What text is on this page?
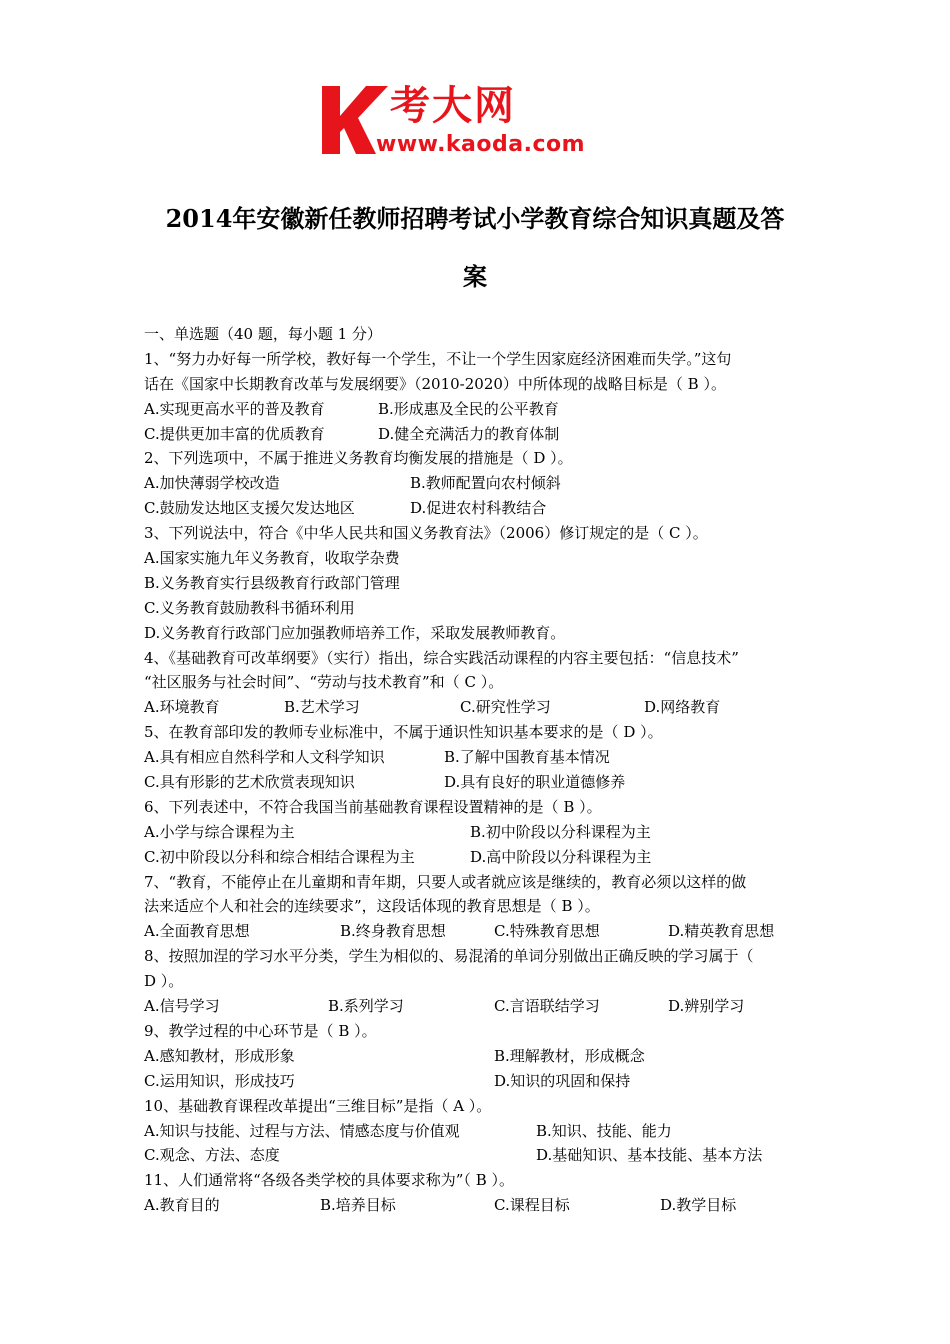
考大网
www.kaoda.com
2014年安徽新任教师招聘考试小学教育综合知识真题及答
案
一、单选题（40 题，每小题 1 分）
1、“努力办好每一所学校，教好每一个学生，不让一个学生因家庭经济困难而失学。”这句
话在《国家中长期教育改革与发展纲要》（2010-2020）中所体现的战略目标是（ B ）。
A.实现更高水平的普及教育	B.形成惠及全民的公平教育
C.提供更加丰富的优质教育	D.健全充满活力的教育体制
2、下列选项中，不属于推进义务教育均衡发展的措施是（ D ）。
A.加快薄弱学校改造	B.教师配置向农村倾斜
C.鼓励发达地区支援欠发达地区	D.促进农村科教结合
3、下列说法中，符合《中华人民共和国义务教育法》（2006）修订规定的是（ C ）。
A.国家实施九年义务教育，收取学杂费
B.义务教育实行县级教育行政部门管理
C.义务教育鼓励教科书循环利用
D.义务教育行政部门应加强教师培养工作，采取发展教师教育。
4、《基础教育可改革纲要》（实行）指出，综合实践活动课程的内容主要包括：“信息技术”
“社区服务与社会时间”、“劳动与技术教育”和（ C ）。
A.环境教育	B.艺术学习	C.研究性学习	D.网络教育
5、在教育部印发的教师专业标准中，不属于通识性知识基本要求的是（ D ）。
A.具有相应自然科学和人文科学知识	B.了解中国教育基本情况
C.具有形影的艺术欣赏表现知识	D.具有良好的职业道德修养
6、下列表述中，不符合我国当前基础教育课程设置精神的是（ B ）。
A.小学与综合课程为主	B.初中阶段以分科课程为主
C.初中阶段以分科和综合相结合课程为主	D.高中阶段以分科课程为主
7、“教育，不能停止在儿童期和青年期，只要人或者就应该是继续的，教育必须以这样的做
法来适应个人和社会的连续要求”，这段话体现的教育思想是（ B ）。
A.全面教育思想	B.终身教育思想	C.特殊教育思想	D.精英教育思想
8、按照加涅的学习水平分类，学生为相似的、易混淆的单词分别做出正确反映的学习属于（
D ）。
A.信号学习	B.系列学习	C.言语联结学习	D.辨别学习
9、教学过程的中心环节是（ B ）。
A.感知教材，形成形象	B.理解教材，形成概念
C.运用知识，形成技巧	D.知识的巩固和保持
10、基础教育课程改革提出“三维目标”是指（ A ）。
A.知识与技能、过程与方法、情感态度与价值观	B.知识、技能、能力
C.观念、方法、态度	D.基础知识、基本技能、基本方法
11、人们通常将“各级各类学校的具体要求称为”（ B ）。
A.教育目的	B.培养目标	C.课程目标	D.教学目标
